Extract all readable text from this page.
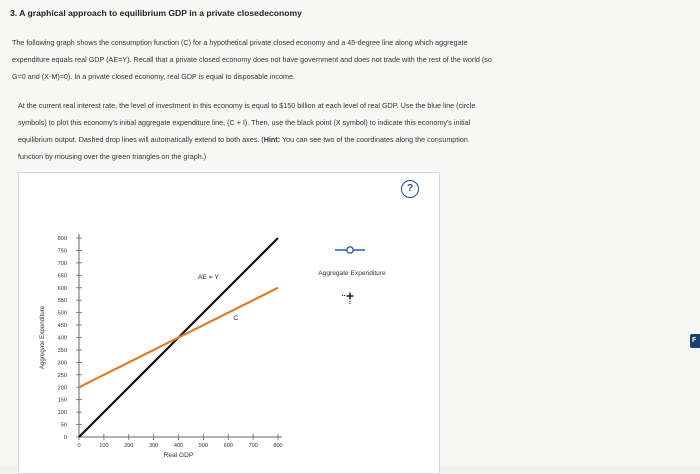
3. A graphical approach to equilibrium GDP in a private closedeconomy
The following graph shows the consumption function (C) for a hypothetical private closed economy and a 45-degree line along which aggregate
expenditure equals real GDP (AE=Y). Recall that a private closed economy does not have government and does not trade with the rest of the world (so
G=0 and (X-M)=0). In a private closed economy, real GDP is equal to disposable income.
At the current real interest rate, the level of investment in this economy is equal to $150 billion at each level of real GDP. Use the blue line (circle
symbols) to plot this economy's initial aggregate expenditure line, (C + I). Then, use the black point (X symbol) to indicate this economy's initial
equilibrium output. Dashed drop lines will automatically extend to both axes. (Hint: You can see two of the coordinates along the consumption
function by mousing over the green triangles on the graph.)
?
0
50
100
150
200
250
300
350
400
450
500
550
600
650
700
750
800
0	100	200	300	400	500	600	700	800
Real GDP
Aggregate Expenditure
AE = Y
C
Aggregate Expenditure
F
